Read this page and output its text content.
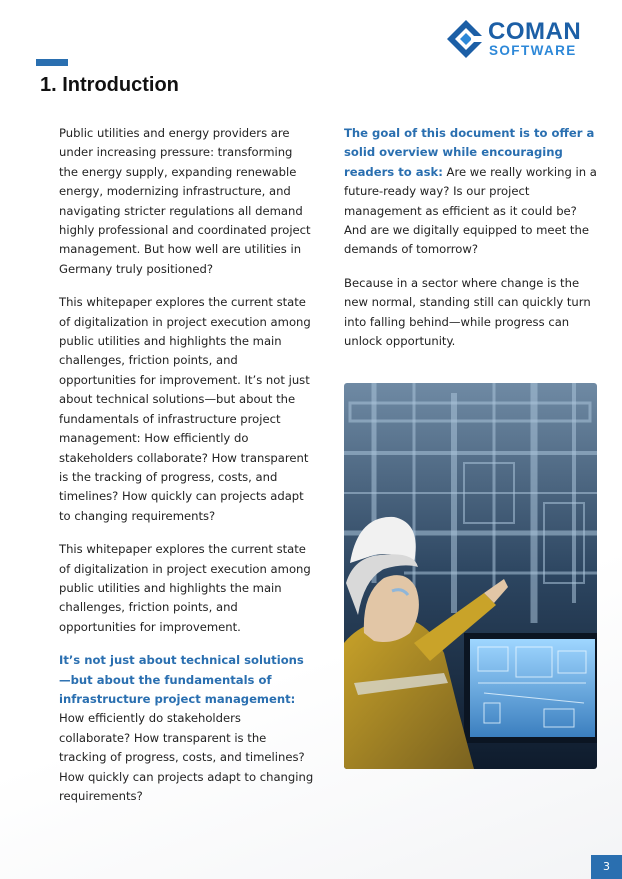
COMAN
SOFTWARE
1. Introduction

Public utilities and energy providers are under increasing pressure: transforming the energy supply, expanding renewable energy, modernizing infrastructure, and navigating stricter regulations all demand highly professional and coordinated project management. But how well are utilities in Germany truly positioned?

This whitepaper explores the current state of digitalization in project execution among public utilities and highlights the main challenges, friction points, and opportunities for improvement. It’s not just about technical solutions—but about the fundamentals of infrastructure project management: How efficiently do stakeholders collaborate? How transparent is the tracking of progress, costs, and timelines? How quickly can projects adapt to changing requirements?

This whitepaper explores the current state of digitalization in project execution among public utilities and highlights the main challenges, friction points, and opportunities for improvement.

It’s not just about technical solutions—but about the fundamentals of infrastructure project management: How efficiently do stakeholders collaborate? How transparent is the tracking of progress, costs, and timelines? How quickly can projects adapt to changing requirements?

The goal of this document is to offer a solid overview while encouraging readers to ask: Are we really working in a future-ready way? Is our project management as efficient as it could be? And are we digitally equipped to meet the demands of tomorrow?

Because in a sector where change is the new normal, standing still can quickly turn into falling behind—while progress can unlock opportunity.

3
